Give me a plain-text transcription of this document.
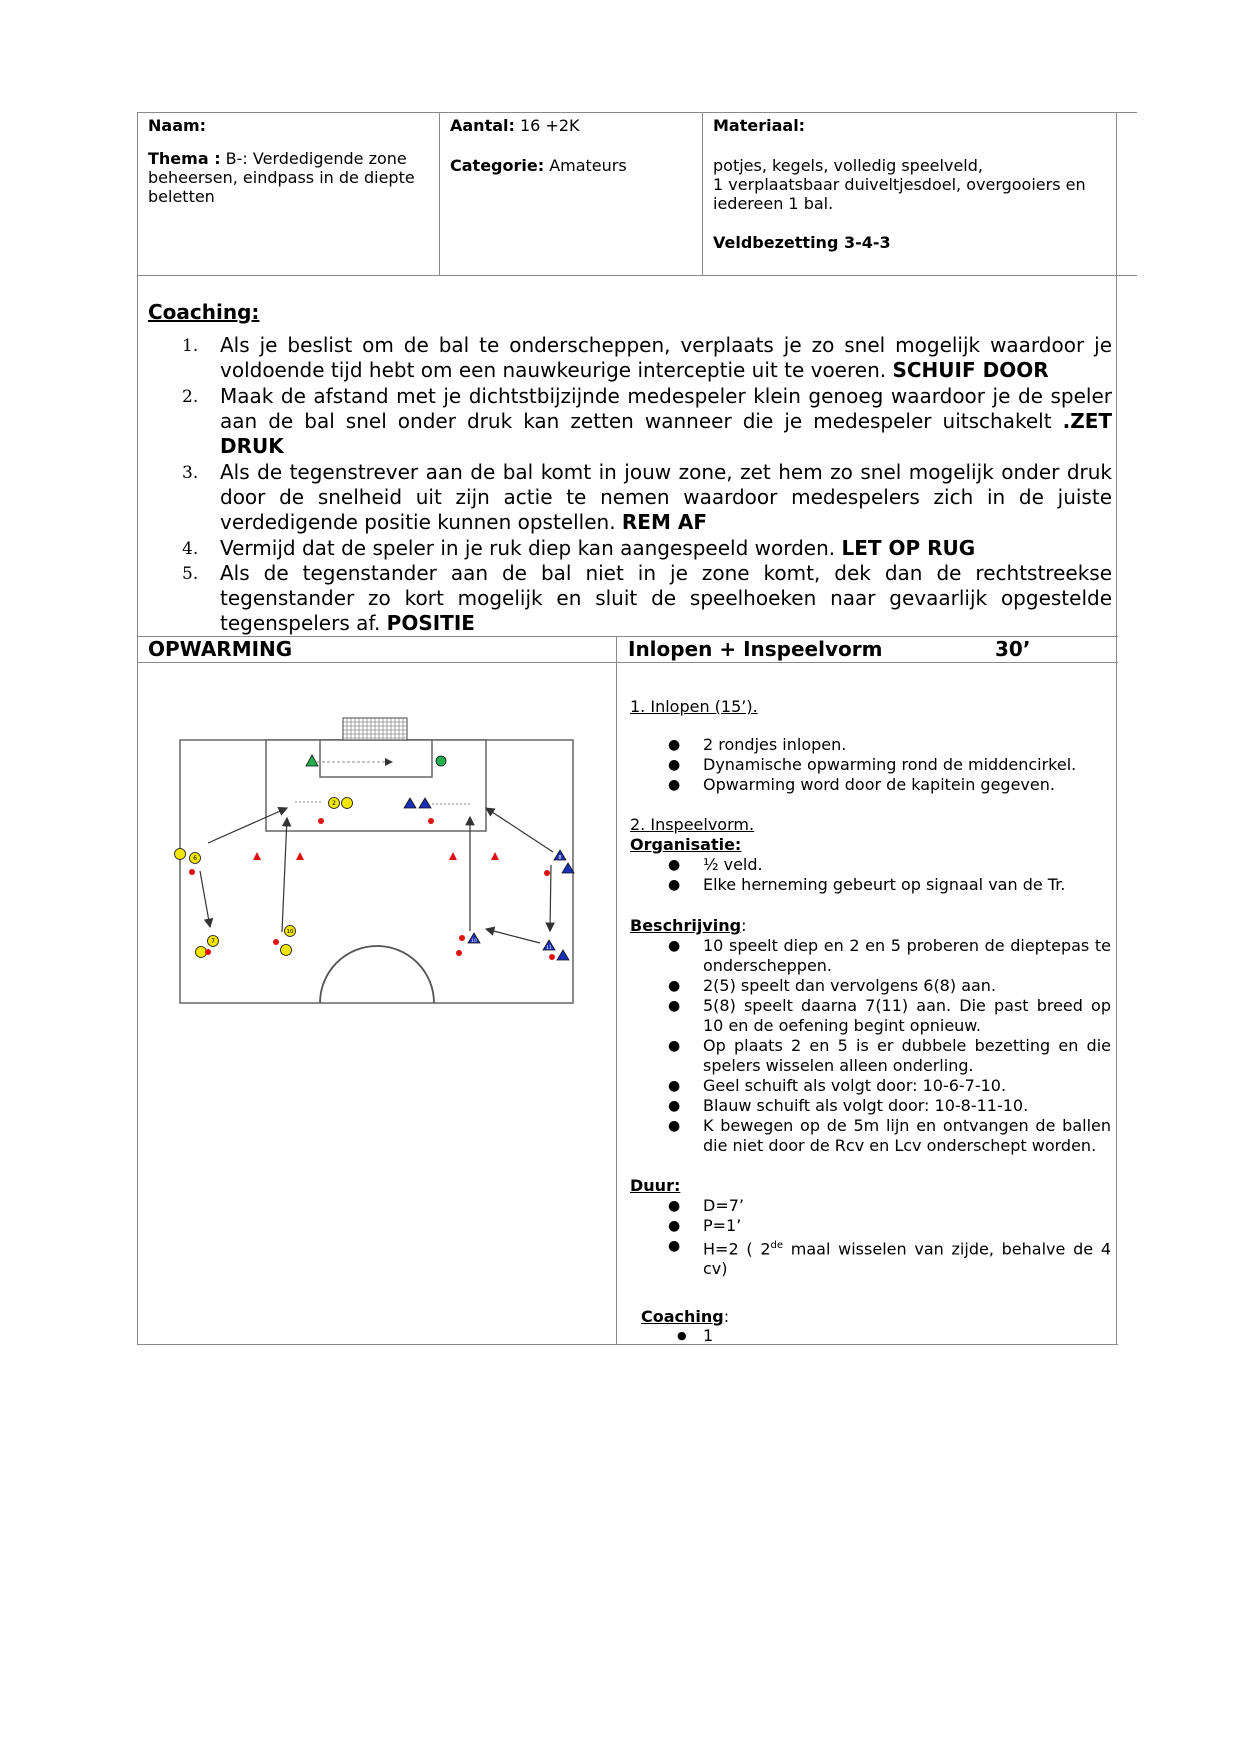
Naam:
Thema : B-: Verdedigende zone beheersen, eindpass in de diepte beletten
Aantal: 16 +2K
Categorie: Amateurs
Materiaal:
potjes, kegels, volledig speelveld,
1 verplaatsbaar duiveltjesdoel, overgooiers en
iedereen 1 bal.
Veldbezetting 3-4-3
Coaching:
1. Als je beslist om de bal te onderscheppen, verplaats je zo snel mogelijk waardoor je voldoende tijd hebt om een nauwkeurige interceptie uit te voeren. SCHUIF DOOR
2. Maak de afstand met je dichtstbijzijnde medespeler klein genoeg waardoor je de speler aan de bal snel onder druk kan zetten wanneer die je medespeler uitschakelt .ZET DRUK
3. Als de tegenstrever aan de bal komt in jouw zone, zet hem zo snel mogelijk onder druk door de snelheid uit zijn actie te nemen waardoor medespelers zich in de juiste verdedigende positie kunnen opstellen. REM AF
4. Vermijd dat de speler in je ruk diep kan aangespeeld worden. LET OP RUG
5. Als de tegenstander aan de bal niet in je zone komt, dek dan de rechtstreekse tegenstander zo kort mogelijk en sluit de speelhoeken naar gevaarlijk opgestelde tegenspelers af. POSITIE
OPWARMING	Inlopen + Inspeelvorm	30’
2
6
7
10
8
10
11
1. Inlopen (15’).
● 2 rondjes inlopen.
● Dynamische opwarming rond de middencirkel.
● Opwarming word door de kapitein gegeven.
2. Inspeelvorm.
Organisatie:
● ½ veld.
● Elke herneming gebeurt op signaal van de Tr.
Beschrijving:
● 10 speelt diep en 2 en 5 proberen de dieptepas te onderscheppen.
● 2(5) speelt dan vervolgens 6(8) aan.
● 5(8) speelt daarna 7(11) aan. Die past breed op 10 en de oefening begint opnieuw.
● Op plaats 2 en 5 is er dubbele bezetting en die spelers wisselen alleen onderling.
● Geel schuift als volgt door: 10-6-7-10.
● Blauw schuift als volgt door: 10-8-11-10.
● K bewegen op de 5m lijn en ontvangen de ballen die niet door de Rcv en Lcv onderschept worden.
Duur:
● D=7’
● P=1’
● H=2 ( 2de maal wisselen van zijde, behalve de 4 cv)
Coaching:
● 1
